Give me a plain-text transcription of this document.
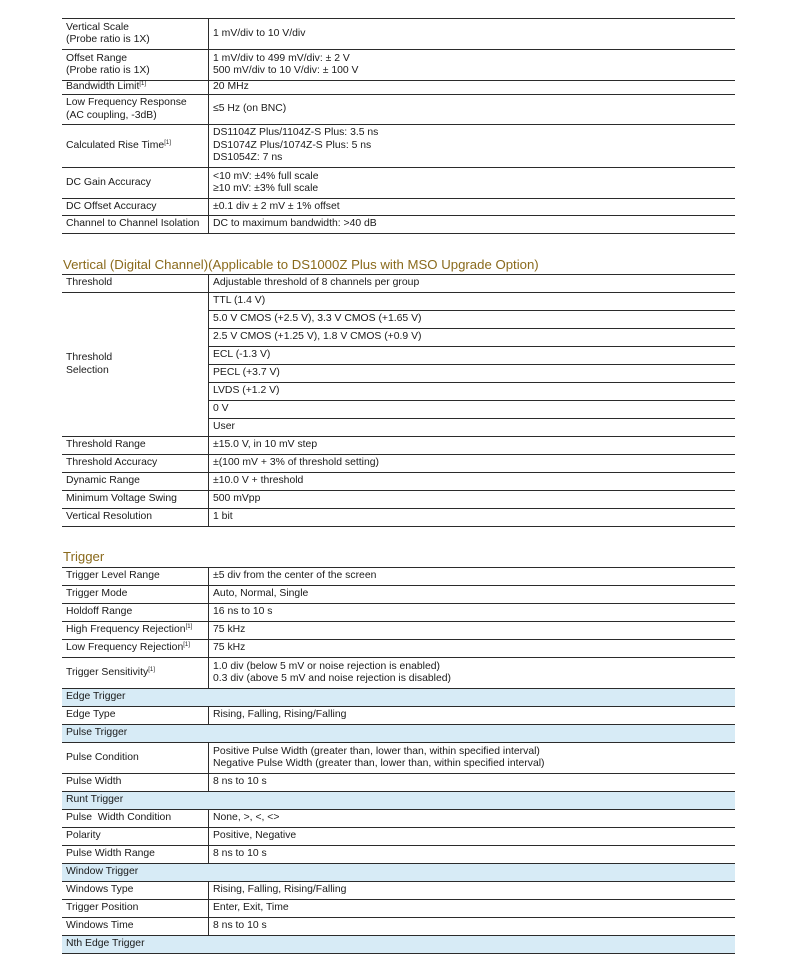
Vertical Scale
(Probe ratio is 1X)	1 mV/div to 10 V/div
Offset Range
(Probe ratio is 1X)	1 mV/div to 499 mV/div: ± 2 V
500 mV/div to 10 V/div: ± 100 V
Bandwidth Limit[1]	20 MHz
Low Frequency Response
(AC coupling, -3dB)	≤5 Hz (on BNC)
Calculated Rise Time[1]	DS1104Z Plus/1104Z-S Plus: 3.5 ns
DS1074Z Plus/1074Z-S Plus: 5 ns
DS1054Z: 7 ns
DC Gain Accuracy	<10 mV: ±4% full scale
≥10 mV: ±3% full scale
DC Offset Accuracy	±0.1 div ± 2 mV ± 1% offset
Channel to Channel Isolation	DC to maximum bandwidth: >40 dB
Vertical (Digital Channel)(Applicable to DS1000Z Plus with MSO Upgrade Option)
Threshold	Adjustable threshold of 8 channels per group
Threshold
Selection	TTL (1.4 V)
	5.0 V CMOS (+2.5 V), 3.3 V CMOS (+1.65 V)
	2.5 V CMOS (+1.25 V), 1.8 V CMOS (+0.9 V)
	ECL (-1.3 V)
	PECL (+3.7 V)
	LVDS (+1.2 V)
	0 V
	User
Threshold Range	±15.0 V, in 10 mV step
Threshold Accuracy	±(100 mV + 3% of threshold setting)
Dynamic Range	±10.0 V + threshold
Minimum Voltage Swing	500 mVpp
Vertical Resolution	1 bit
Trigger
Trigger Level Range	±5 div from the center of the screen
Trigger Mode	Auto, Normal, Single
Holdoff Range	16 ns to 10 s
High Frequency Rejection[1]	75 kHz
Low Frequency Rejection[1]	75 kHz
Trigger Sensitivity[1]	1.0 div (below 5 mV or noise rejection is enabled)
0.3 div (above 5 mV and noise rejection is disabled)
Edge Trigger	
Edge Type	Rising, Falling, Rising/Falling
Pulse Trigger	
Pulse Condition	Positive Pulse Width (greater than, lower than, within specified interval)
Negative Pulse Width (greater than, lower than, within specified interval)
Pulse Width	8 ns to 10 s
Runt Trigger	
Pulse  Width Condition	None, >, <, <>
Polarity	Positive, Negative
Pulse Width Range	8 ns to 10 s
Window Trigger	
Windows Type	Rising, Falling, Rising/Falling
Trigger Position	Enter, Exit, Time
Windows Time	8 ns to 10 s
Nth Edge Trigger	
